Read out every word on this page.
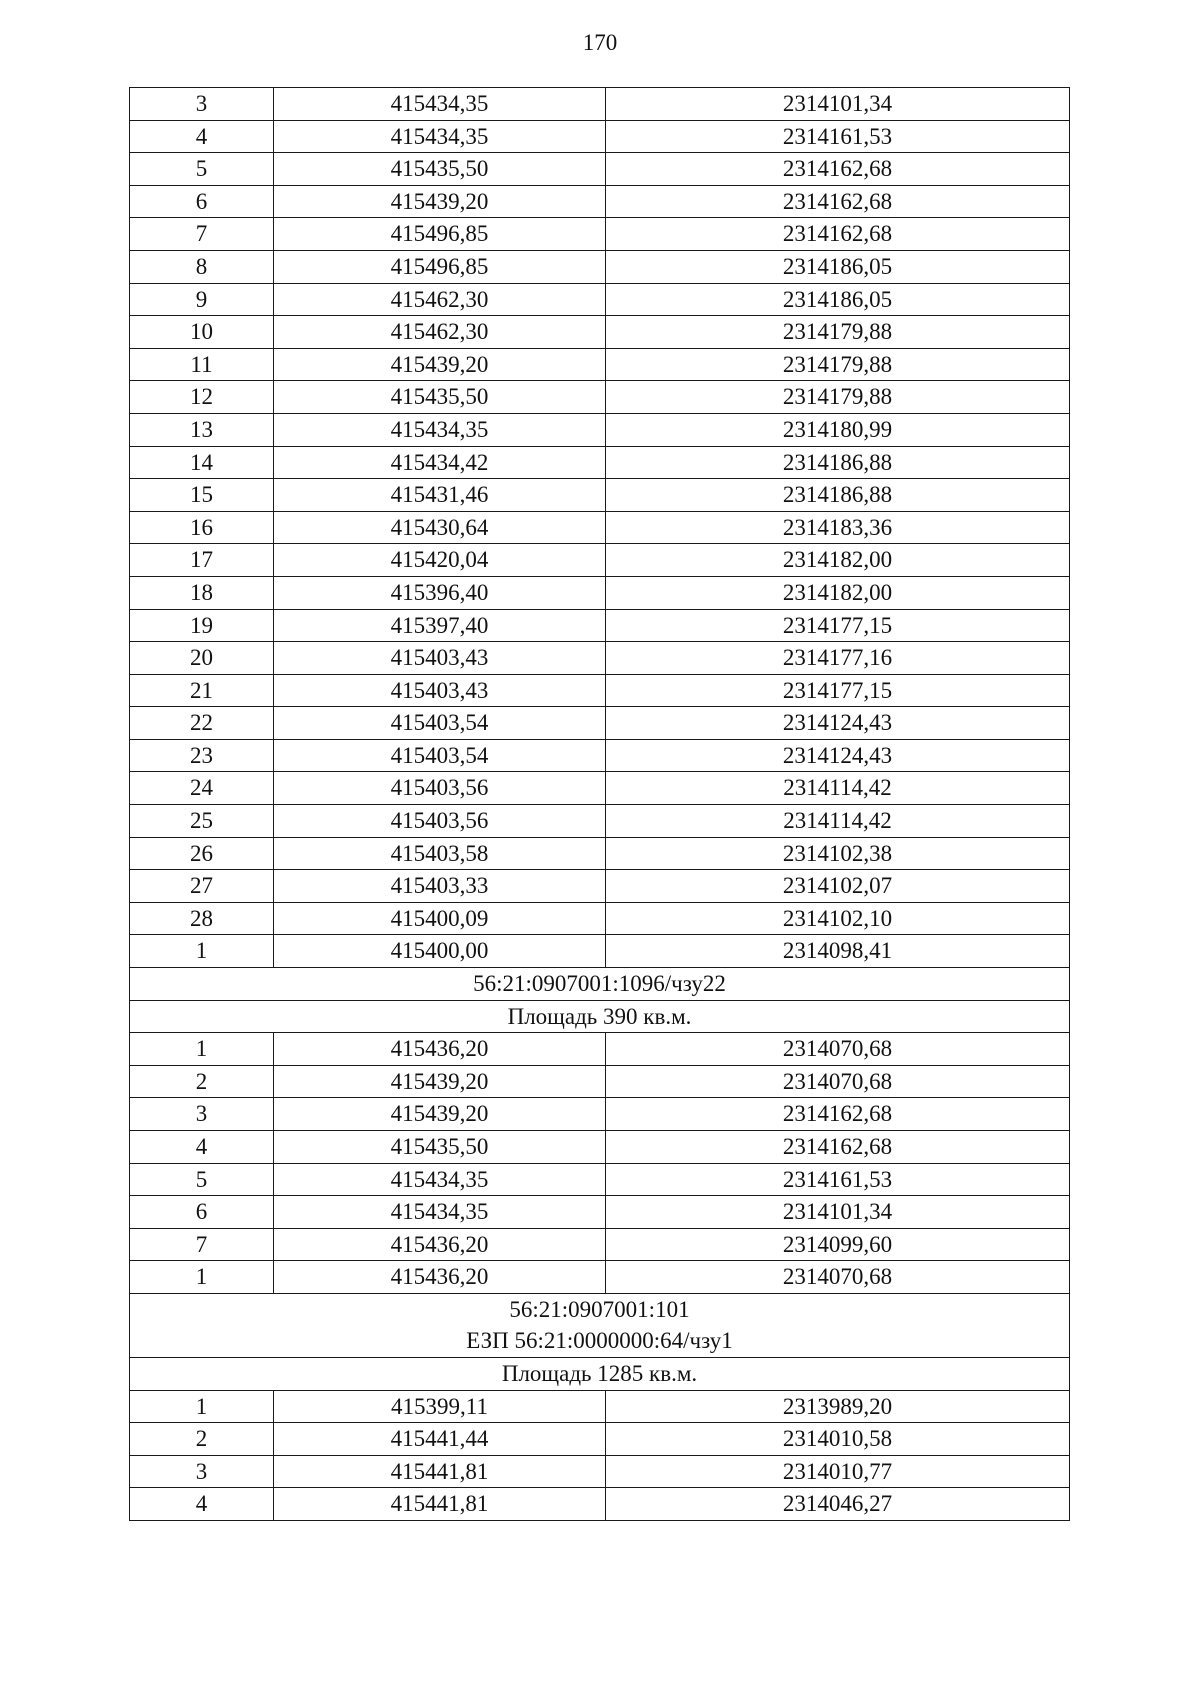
170
3	415434,35	2314101,34
4	415434,35	2314161,53
5	415435,50	2314162,68
6	415439,20	2314162,68
7	415496,85	2314162,68
8	415496,85	2314186,05
9	415462,30	2314186,05
10	415462,30	2314179,88
11	415439,20	2314179,88
12	415435,50	2314179,88
13	415434,35	2314180,99
14	415434,42	2314186,88
15	415431,46	2314186,88
16	415430,64	2314183,36
17	415420,04	2314182,00
18	415396,40	2314182,00
19	415397,40	2314177,15
20	415403,43	2314177,16
21	415403,43	2314177,15
22	415403,54	2314124,43
23	415403,54	2314124,43
24	415403,56	2314114,42
25	415403,56	2314114,42
26	415403,58	2314102,38
27	415403,33	2314102,07
28	415400,09	2314102,10
1	415400,00	2314098,41

56:21:0907001:1096/чзу22		

Площадь 390 кв.м.		

1	415436,20	2314070,68
2	415439,20	2314070,68
3	415439,20	2314162,68
4	415435,50	2314162,68
5	415434,35	2314161,53
6	415434,35	2314101,34
7	415436,20	2314099,60
1	415436,20	2314070,68

56:21:0907001:101
ЕЗП 56:21:0000000:64/чзу1		

Площадь 1285 кв.м.		

1	415399,11	2313989,20
2	415441,44	2314010,58
3	415441,81	2314010,77
4	415441,81	2314046,27
